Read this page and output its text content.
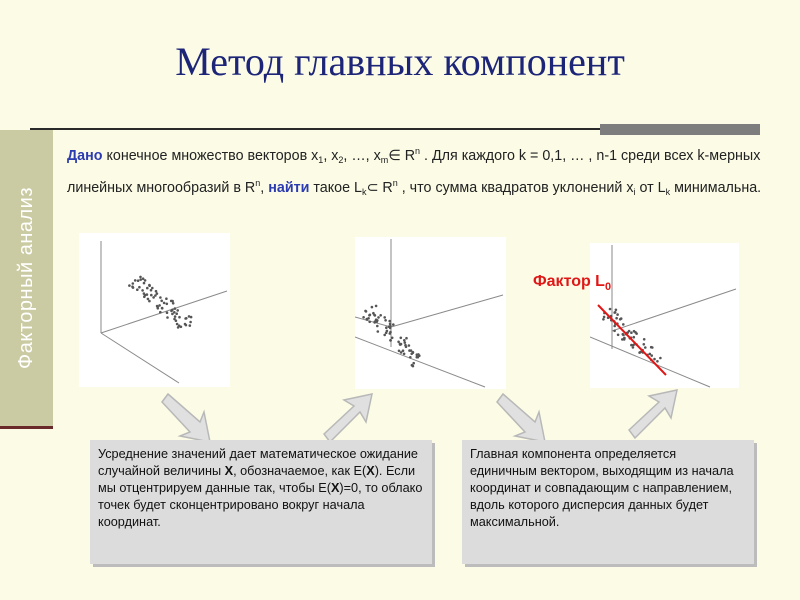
Факторный анализ
Метод главных компонент
Дано конечное множество векторов $x_1$, $x_2$, …, $x_m\in$ $R^n$ . Для каждого k = 0,1, … , n-1 среди всех k-мерных линейных многообразий в $R^n$, найти такое $L_k\subset$ $R^n$ , что сумма квадратов уклонений $x_i$ от $L_k$ минимальна.
Фактор $L_0$
Усреднение значений дает математическое ожидание случайной величины X, обозначаемое, как E(X). Если мы отцентрируем данные так, чтобы E(X)=0, то облако точек будет сконцентрировано вокруг начала координат.
Главная компонента определяется единичным вектором, выходящим из начала координат и совпадающим с направлением, вдоль которого дисперсия данных будет максимальной.
